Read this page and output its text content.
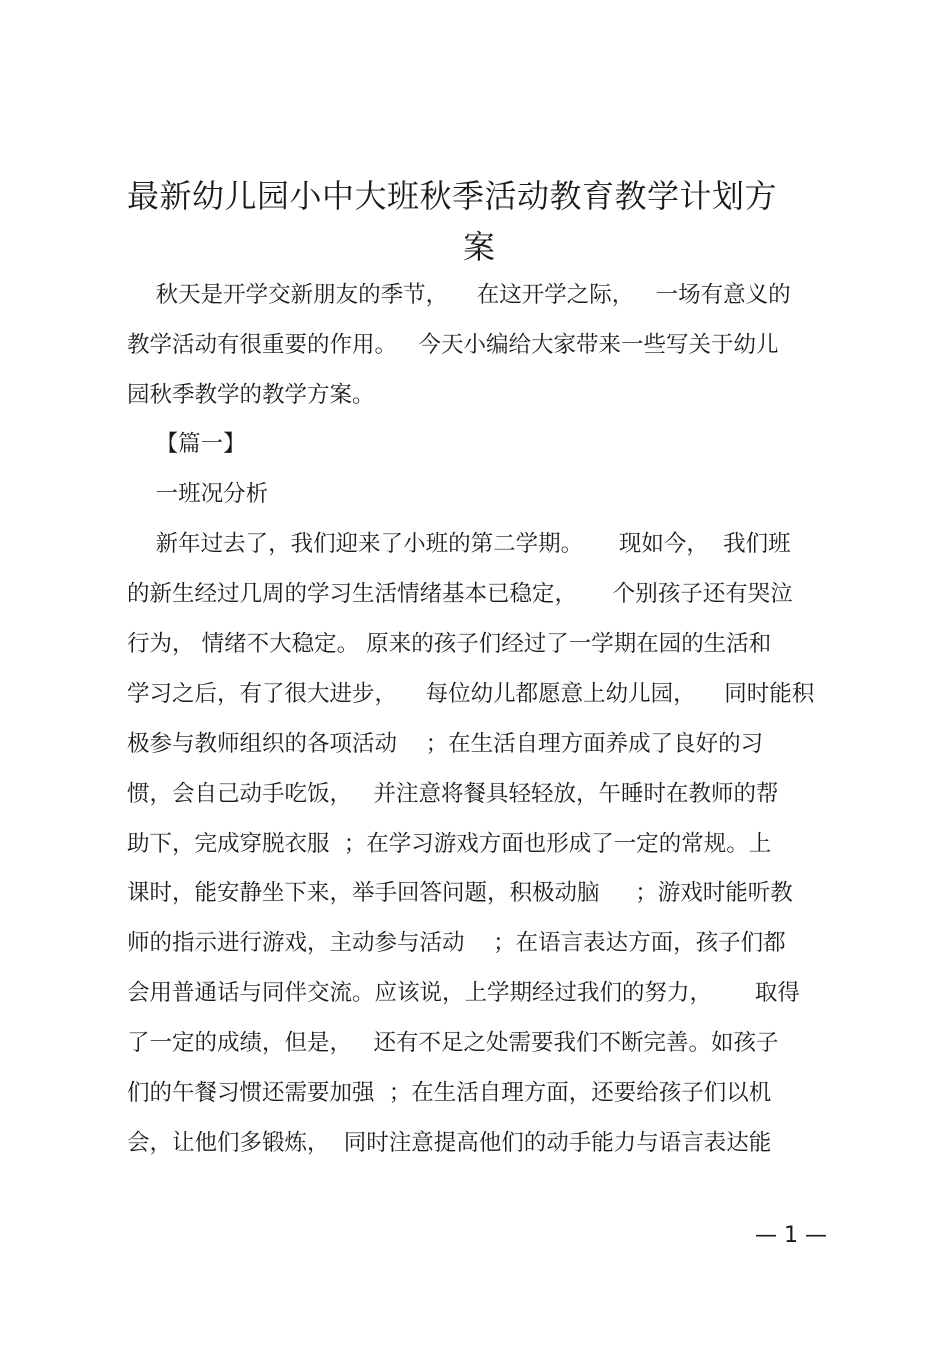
最新幼儿园小中大班秋季活动教育教学计划方
案
秋天是开学交新朋友的季节，    在这开学之际，   一场有意义的
教学活动有很重要的作用。   今天小编给大家带来一些写关于幼儿
园秋季教学的教学方案。
【篇一】
一班况分析
新年过去了，我们迎来了小班的第二学期。     现如今，  我们班
的新生经过几周的学习生活情绪基本已稳定，     个别孩子还有哭泣
行为， 情绪不大稳定。 原来的孩子们经过了一学期在园的生活和
学习之后，有了很大进步，    每位幼儿都愿意上幼儿园，    同时能积
极参与教师组织的各项活动    ；在生活自理方面养成了良好的习
惯，会自己动手吃饭，   并注意将餐具轻轻放，午睡时在教师的帮
助下，完成穿脱衣服  ；在学习游戏方面也形成了一定的常规。上
课时，能安静坐下来，举手回答问题，积极动脑     ；游戏时能听教
师的指示进行游戏，主动参与活动    ；在语言表达方面，孩子们都
会用普通话与同伴交流。应该说，上学期经过我们的努力，      取得
了一定的成绩，但是，   还有不足之处需要我们不断完善。如孩子
们的午餐习惯还需要加强  ；在生活自理方面，还要给孩子们以机
会，让他们多锻炼，  同时注意提高他们的动手能力与语言表达能
— 1 —
